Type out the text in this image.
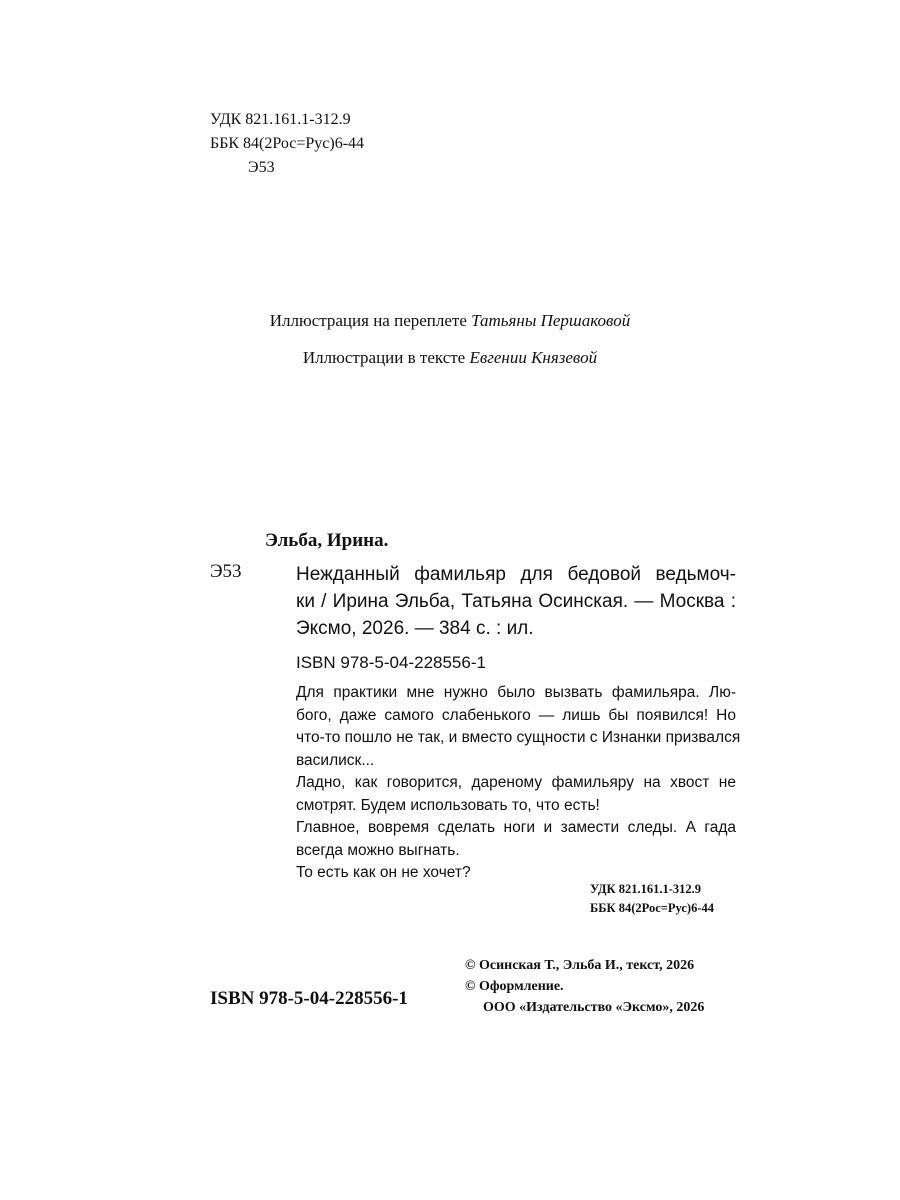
УДК 821.161.1-312.9
ББК 84(2Рос=Рус)6-44
Э53
Иллюстрация на переплете Татьяны Першаковой
Иллюстрации в тексте Евгении Князевой
Эльба, Ирина.
Э53	Нежданный фамильяр для бедовой ведьмоч-
ки / Ирина Эльба, Татьяна Осинская. — Москва :
Эксмо, 2026. — 384 с. : ил.
ISBN 978-5-04-228556-1
Для практики мне нужно было вызвать фамильяра. Лю-
бого, даже самого слабенького — лишь бы появился! Но
что-то пошло не так, и вместо сущности с Изнанки призвался
василиск...
Ладно, как говорится, дареному фамильяру на хвост не
смотрят. Будем использовать то, что есть!
Главное, вовремя сделать ноги и замести следы. А гада
всегда можно выгнать.
То есть как он не хочет?
УДК 821.161.1-312.9
ББК 84(2Рос=Рус)6-44
© Осинская Т., Эльба И., текст, 2026
© Оформление.
ООО «Издательство «Эксмо», 2026
ISBN 978-5-04-228556-1
